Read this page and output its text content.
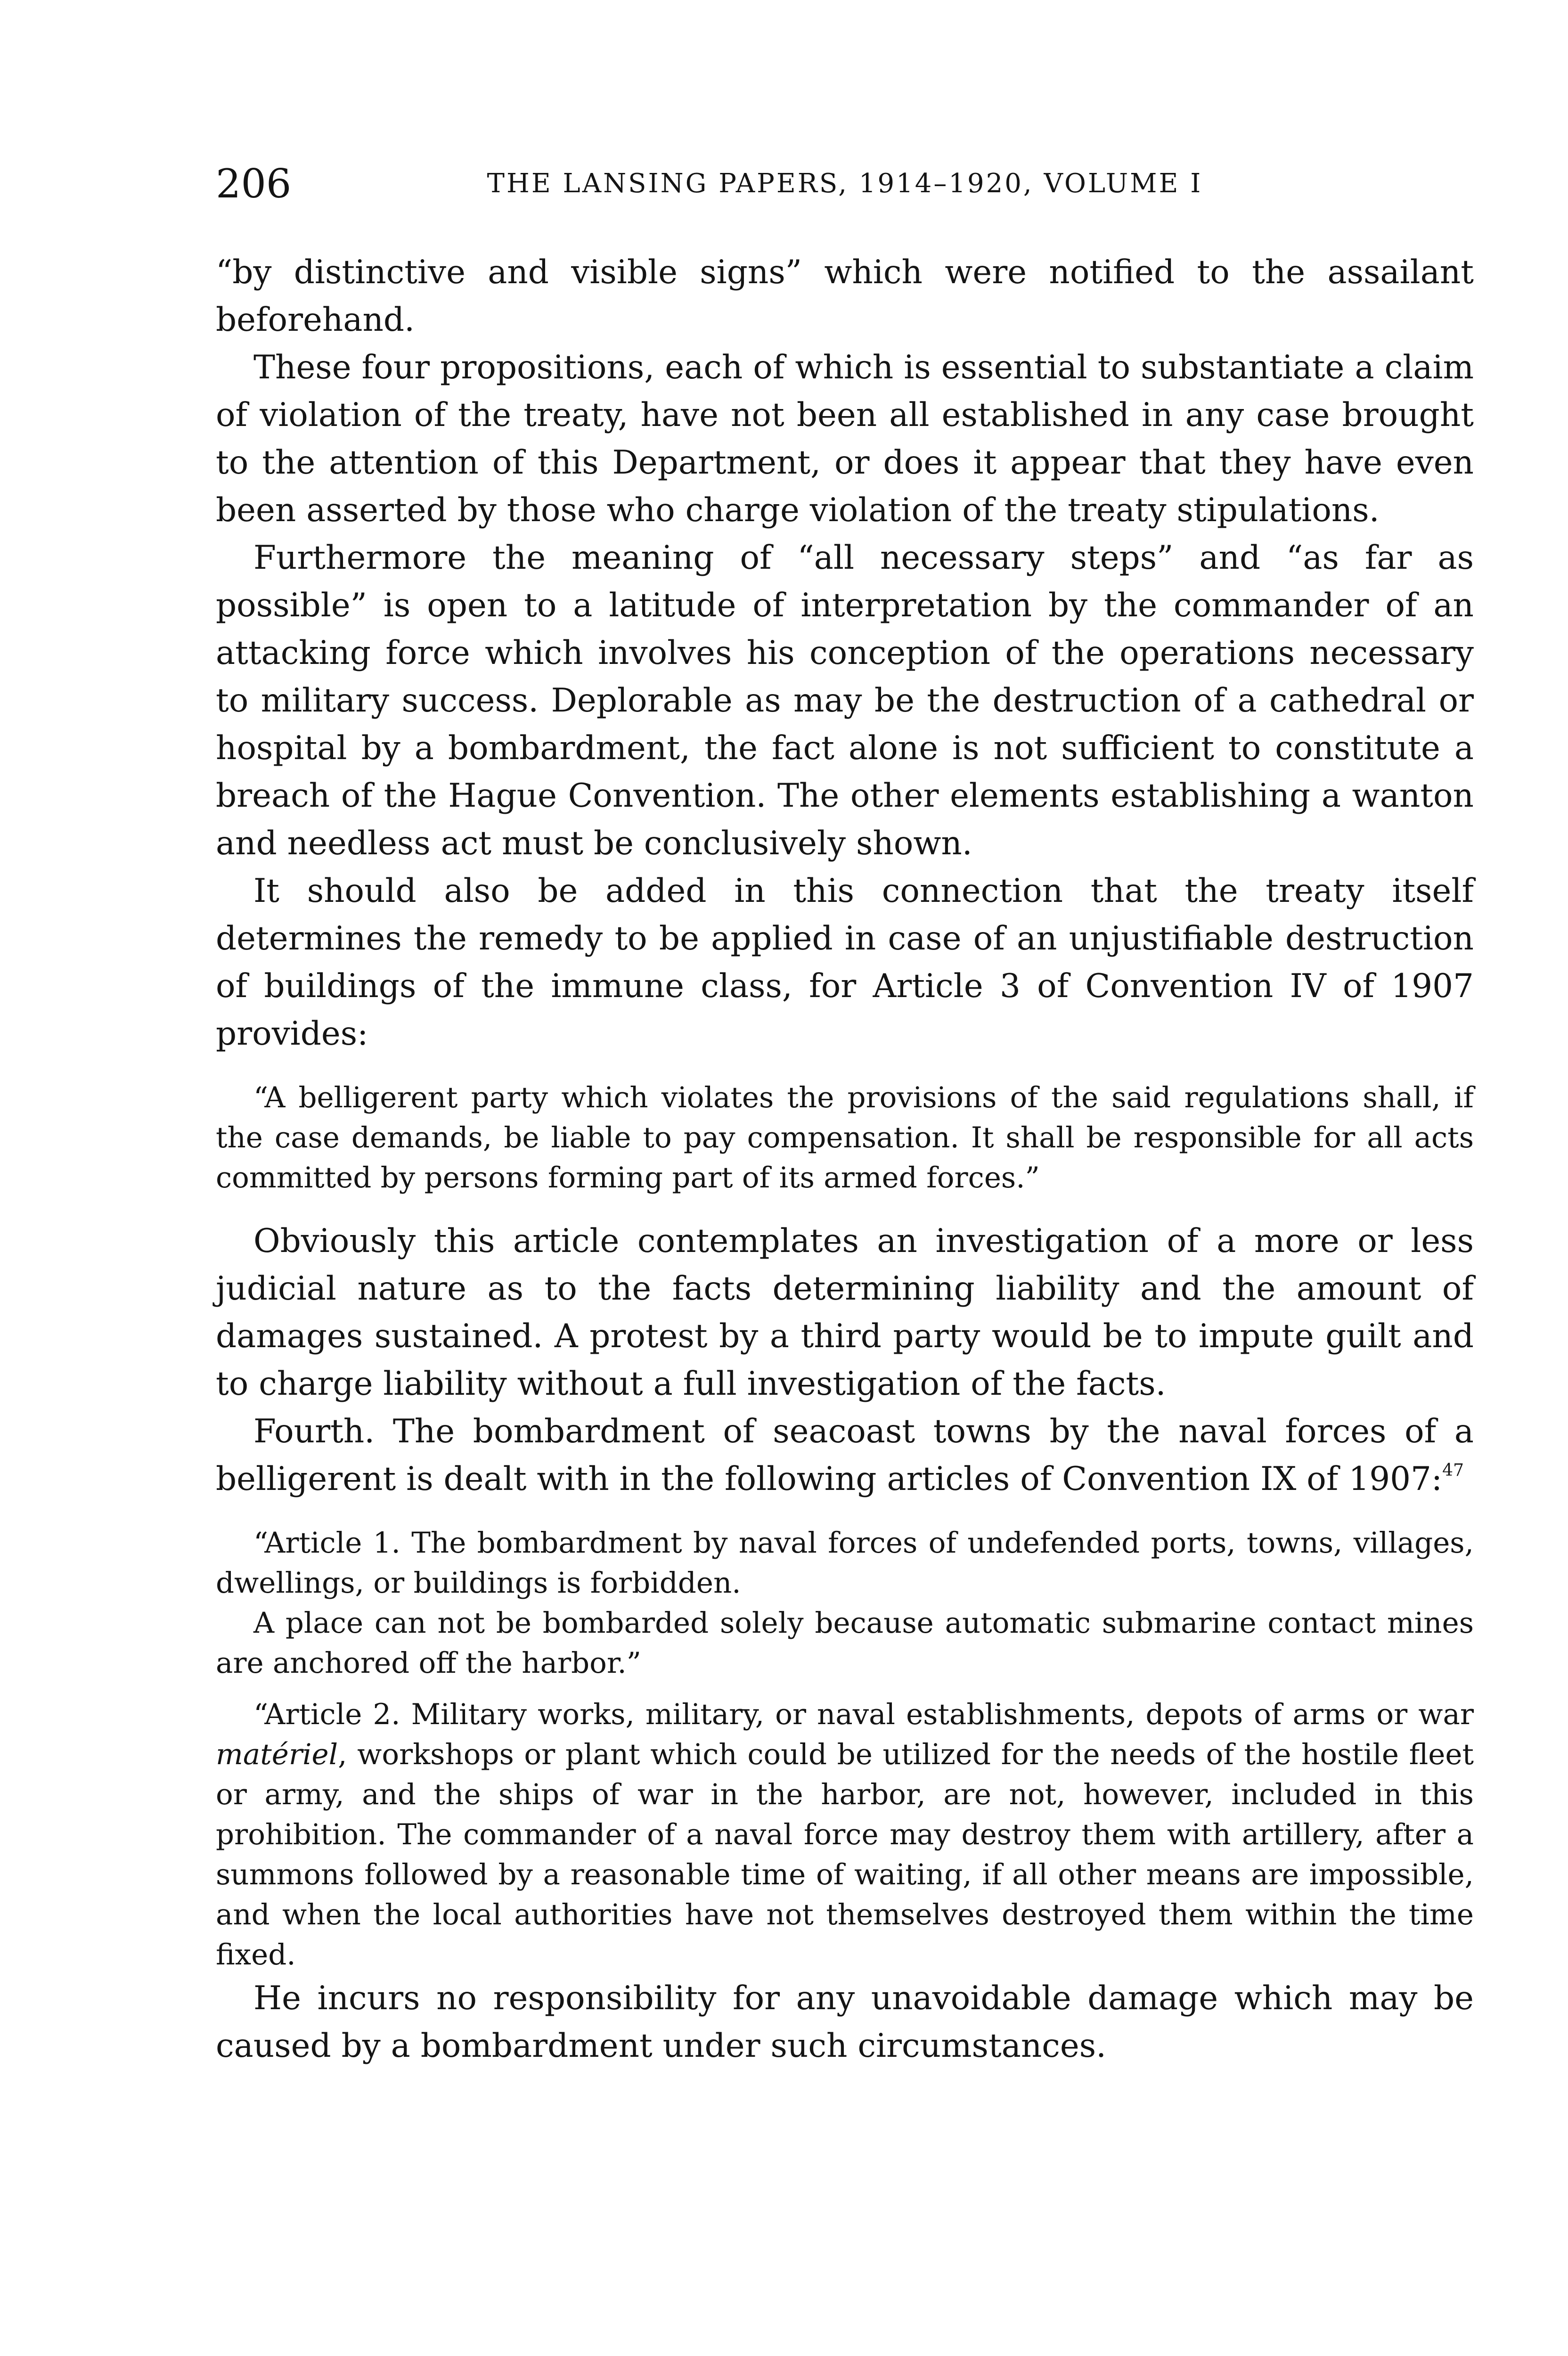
206	THE LANSING PAPERS, 1914–1920, VOLUME I

“by distinctive and visible signs” which were notified to the assailant beforehand.

These four propositions, each of which is essential to substantiate a claim of violation of the treaty, have not been all established in any case brought to the attention of this Department, or does it appear that they have even been asserted by those who charge violation of the treaty stipulations.

Furthermore the meaning of “all necessary steps” and “as far as possible” is open to a latitude of interpretation by the commander of an attacking force which involves his conception of the operations necessary to military success. Deplorable as may be the destruction of a cathedral or hospital by a bombardment, the fact alone is not sufficient to constitute a breach of the Hague Convention. The other elements establishing a wanton and needless act must be conclusively shown.

It should also be added in this connection that the treaty itself determines the remedy to be applied in case of an unjustifiable destruction of buildings of the immune class, for Article 3 of Convention IV of 1907 provides:

“A belligerent party which violates the provisions of the said regulations shall, if the case demands, be liable to pay compensation. It shall be responsible for all acts committed by persons forming part of its armed forces.”

Obviously this article contemplates an investigation of a more or less judicial nature as to the facts determining liability and the amount of damages sustained. A protest by a third party would be to impute guilt and to charge liability without a full investigation of the facts.

Fourth. The bombardment of seacoast towns by the naval forces of a belligerent is dealt with in the following articles of Convention IX of 1907:$^{47}$

“Article 1. The bombardment by naval forces of undefended ports, towns, villages, dwellings, or buildings is forbidden.

A place can not be bombarded solely because automatic submarine contact mines are anchored off the harbor.”

“Article 2. Military works, military, or naval establishments, depots of arms or war matériel, workshops or plant which could be utilized for the needs of the hostile fleet or army, and the ships of war in the harbor, are not, however, included in this prohibition. The commander of a naval force may destroy them with artillery, after a summons followed by a reasonable time of waiting, if all other means are impossible, and when the local authorities have not themselves destroyed them within the time fixed.

He incurs no responsibility for any unavoidable damage which may be caused by a bombardment under such circumstances.
